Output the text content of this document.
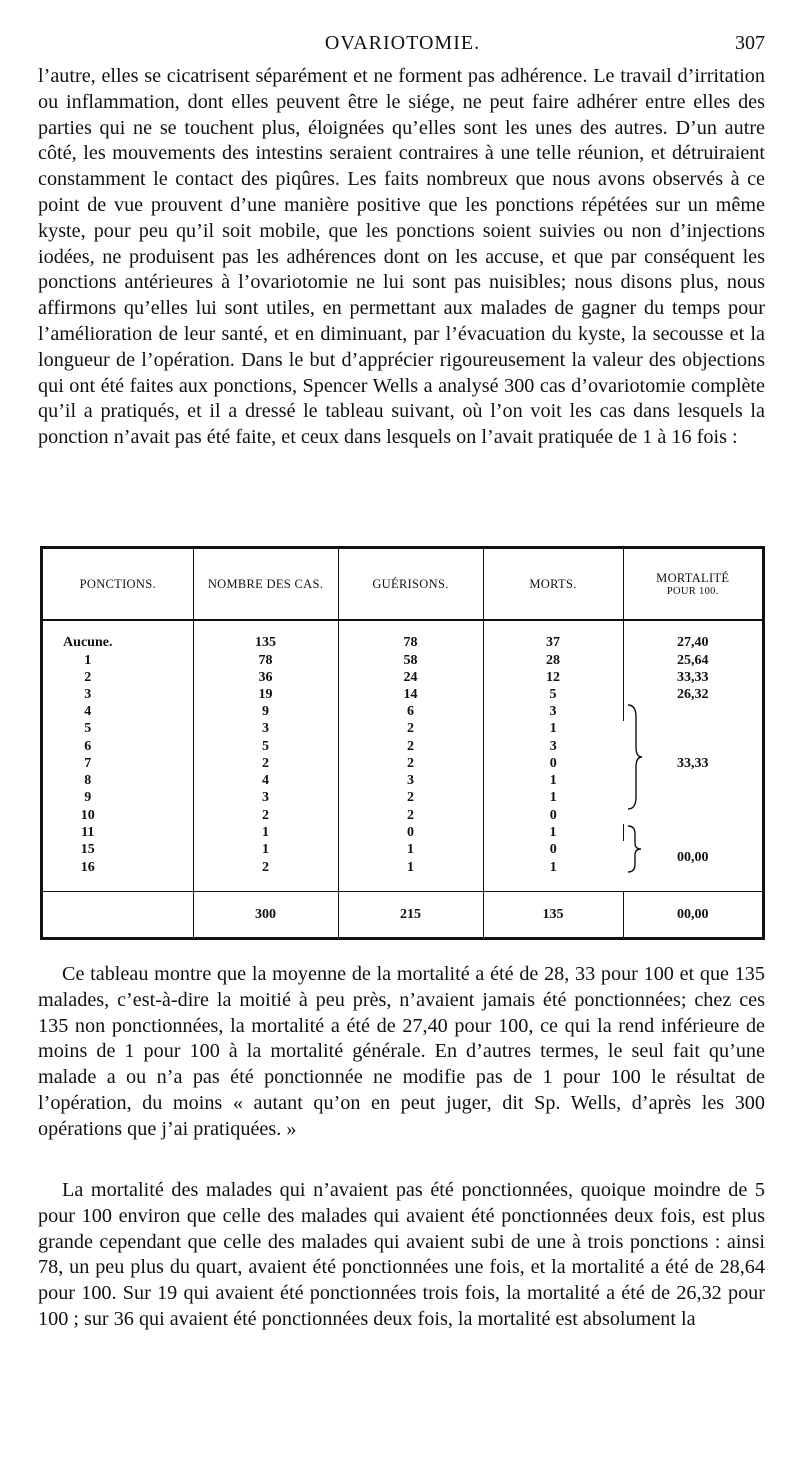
OVARIOTOMIE.	307

l’autre, elles se cicatrisent séparément et ne forment pas adhérence. Le travail d’irritation ou inflammation, dont elles peuvent être le siége, ne peut faire adhérer entre elles des parties qui ne se touchent plus, éloignées qu’elles sont les unes des autres. D’un autre côté, les mouvements des intestins seraient contraires à une telle réunion, et détruiraient constamment le contact des piqûres. Les faits nombreux que nous avons observés à ce point de vue prouvent d’une manière positive que les ponctions répétées sur un même kyste, pour peu qu’il soit mobile, que les ponctions soient suivies ou non d’injections iodées, ne produisent pas les adhérences dont on les accuse, et que par conséquent les ponctions antérieures à l’ovariotomie ne lui sont pas nuisibles; nous disons plus, nous affirmons qu’elles lui sont utiles, en permettant aux malades de gagner du temps pour l’amélioration de leur santé, et en diminuant, par l’évacuation du kyste, la secousse et la longueur de l’opération. Dans le but d’apprécier rigoureusement la valeur des objections qui ont été faites aux ponctions, Spencer Wells a analysé 300 cas d’ovariotomie complète qu’il a pratiqués, et il a dressé le tableau suivant, où l’on voit les cas dans lesquels la ponction n’avait pas été faite, et ceux dans lesquels on l’avait pratiquée de 1 à 16 fois :

PONCTIONS.	NOMBRE DES CAS.	GUÉRISONS.	MORTS.	MORTALITÉ
POUR 100.

Aucune.	135	78	37	27,40
1	78	58	28	25,64
2	36	24	12	33,33
3	19	14	5	26,32
4	9	6	3	33,33
5	3	2	1	
6	5	2	3	
7	2	2	0	
8	4	3	1	
9	3	2	1	
10	2	2	0	
11	1	0	1	00,00
15	1	1	0	
16	2	1	1	
	300	215	135	00,00

Ce tableau montre que la moyenne de la mortalité a été de 28, 33 pour 100 et que 135 malades, c’est-à-dire la moitié à peu près, n’avaient jamais été ponctionnées; chez ces 135 non ponctionnées, la mortalité a été de 27,40 pour 100, ce qui la rend inférieure de moins de 1 pour 100 à la mortalité générale. En d’autres termes, le seul fait qu’une malade a ou n’a pas été ponctionnée ne modifie pas de 1 pour 100 le résultat de l’opération, du moins « autant qu’on en peut juger, dit Sp. Wells, d’après les 300 opérations que j’ai pratiquées. »

La mortalité des malades qui n’avaient pas été ponctionnées, quoique moindre de 5 pour 100 environ que celle des malades qui avaient été ponctionnées deux fois, est plus grande cependant que celle des malades qui avaient subi de une à trois ponctions : ainsi 78, un peu plus du quart, avaient été ponctionnées une fois, et la mortalité a été de 28,64 pour 100. Sur 19 qui avaient été ponctionnées trois fois, la mortalité a été de 26,32 pour 100 ; sur 36 qui avaient été ponctionnées deux fois, la mortalité est absolument la
